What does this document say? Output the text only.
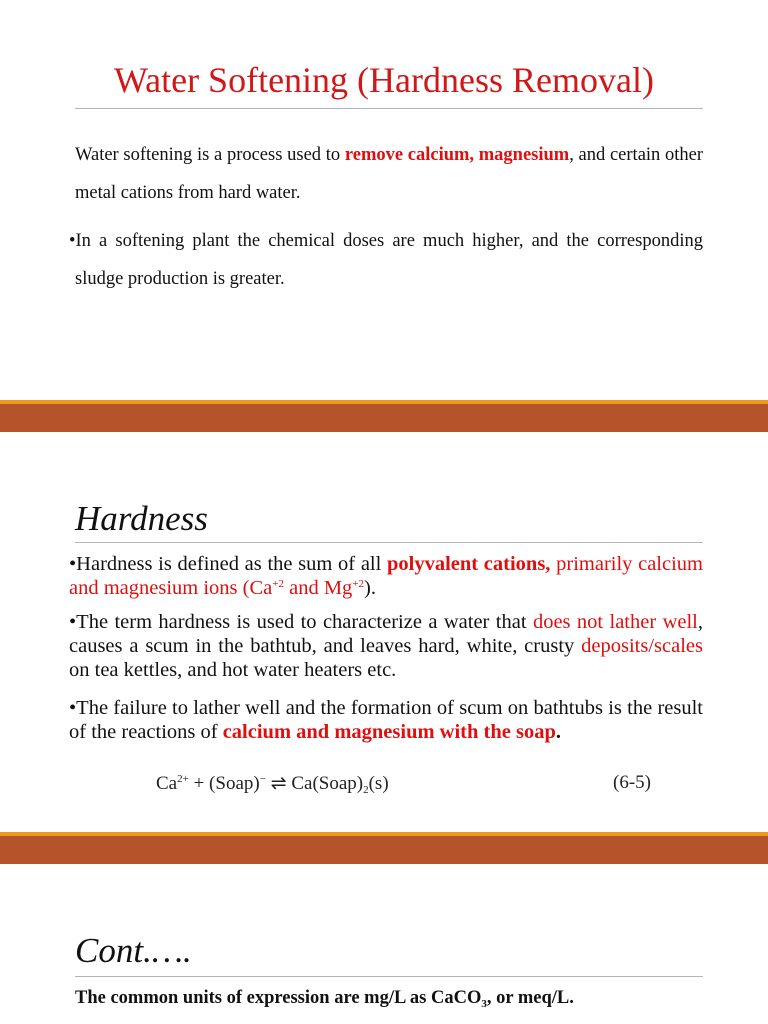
Water Softening (Hardness Removal)
Water softening is a process used to remove calcium, magnesium, and certain other metal cations from hard water.
•In a softening plant the chemical doses are much higher, and the corresponding sludge production is greater.
Hardness
•Hardness is defined as the sum of all polyvalent cations, primarily calcium and magnesium ions ($Ca^{+2}$ and $Mg^{+2}$).
•The term hardness is used to characterize a water that does not lather well, causes a scum in the bathtub, and leaves hard, white, crusty deposits/scales on tea kettles, and hot water heaters etc.
•The failure to lather well and the formation of scum on bathtubs is the result of the reactions of calcium and magnesium with the soap.
$Ca^{2+}$ + (Soap)− ⇌ $Ca(Soap)_2(s)$	(6-5)
Cont.….
The common units of expression are mg/L as CaCO$_3$, or meq/L.
